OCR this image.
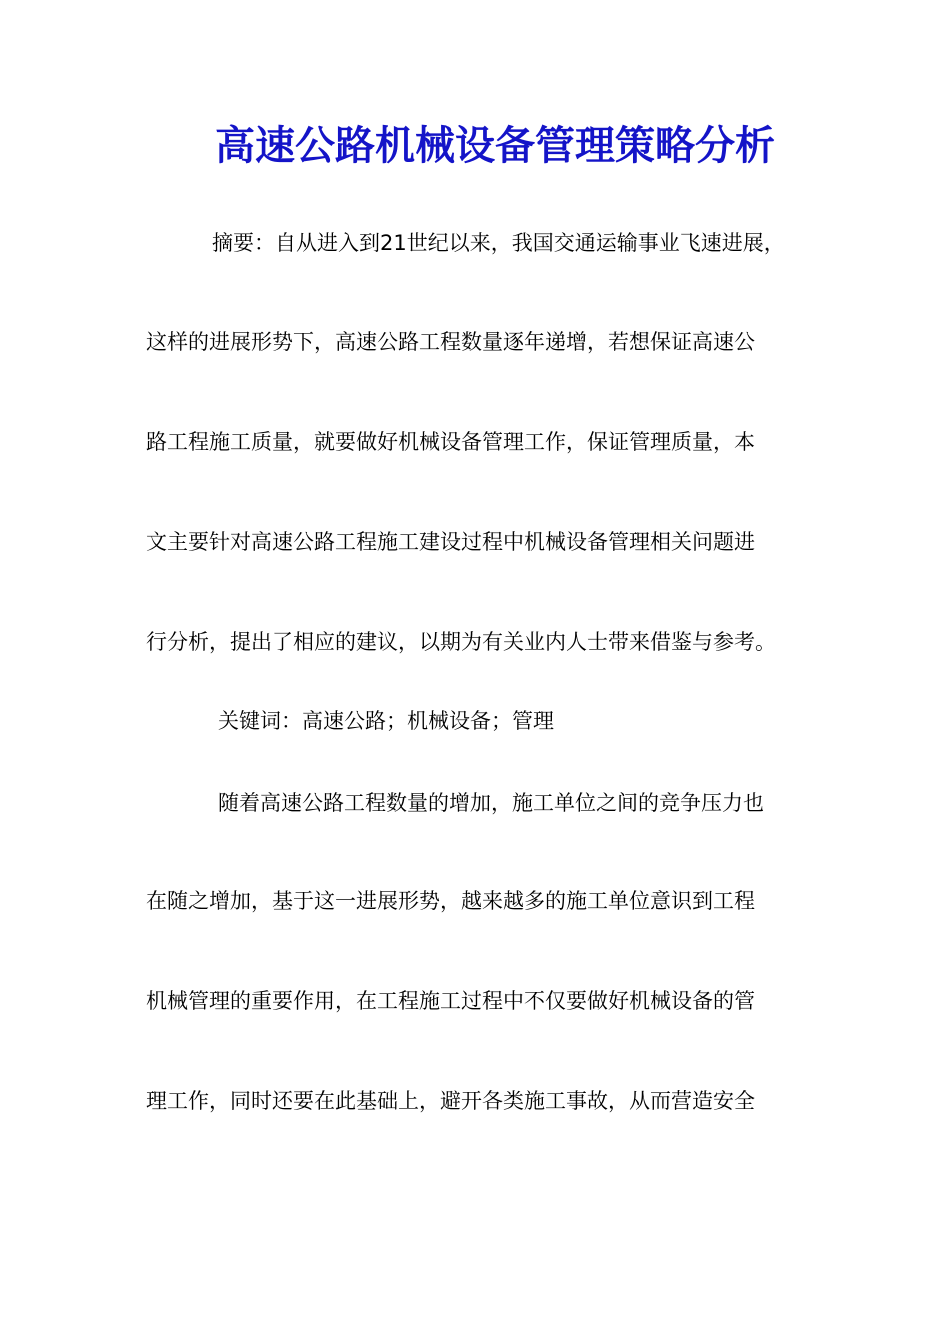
高速公路机械设备管理策略分析
摘要：自从进入到21世纪以来，我国交通运输事业飞速进展，
这样的进展形势下，高速公路工程数量逐年递增，若想保证高速公
路工程施工质量，就要做好机械设备管理工作，保证管理质量，本
文主要针对高速公路工程施工建设过程中机械设备管理相关问题进
行分析，提出了相应的建议，以期为有关业内人士带来借鉴与参考。
关键词：高速公路；机械设备；管理
随着高速公路工程数量的增加，施工单位之间的竞争压力也
在随之增加，基于这一进展形势，越来越多的施工单位意识到工程
机械管理的重要作用，在工程施工过程中不仅要做好机械设备的管
理工作，同时还要在此基础上，避开各类施工事故，从而营造安全
